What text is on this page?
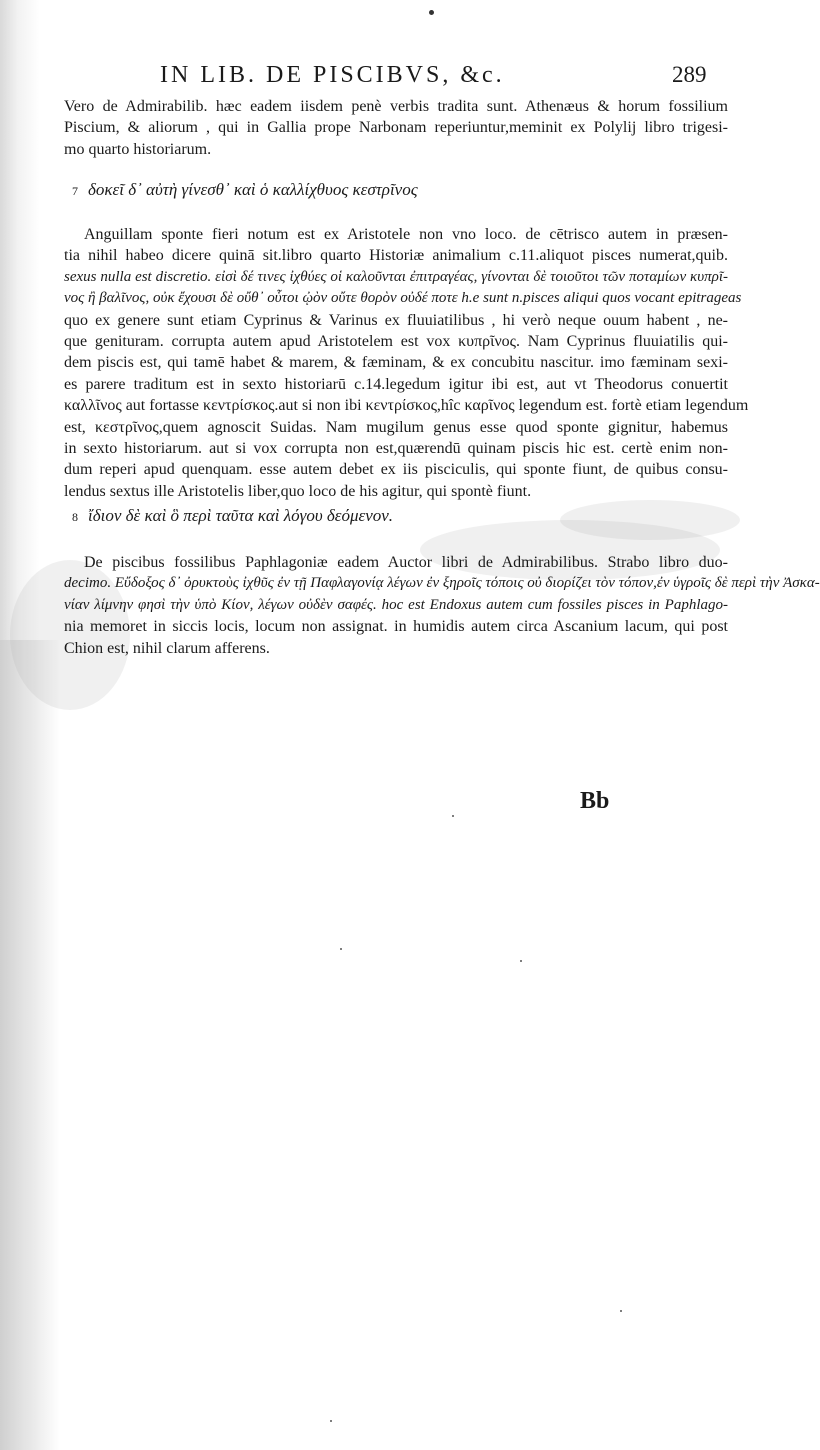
IN LIB. DE PISCIBVS, &c.	289
Vero de Admirabilib. hæc eadem iisdem penè verbis tradita sunt. Athenæus & horum fossilium
Piscium, & aliorum , qui in Gallia prope Narbonam reperiuntur,meminit ex Polylij libro trigesi-
mo quarto historiarum.
7 δοκεῖ δ᾽ αὐτὴ γίνεσθ᾽ καὶ ὁ καλλίχθυος κεστρῖνος
Anguillam sponte fieri notum est ex Aristotele non vno loco. de cētrisco autem in præsen-
tia nihil habeo dicere quinā sit.libro quarto Historiæ animalium c.11.aliquot pisces numerat,quib.
sexus nulla est discretio. εἰσὶ δέ τινες ἰχθύες οἱ καλοῦνται ἐπιτραγέας, γίνονται δὲ τοιοῦτοι τῶν ποταμίων κυπρῖ-
νος ἢ βαλῖνος, οὐκ ἔχουσι δὲ οὔθ᾽ οὗτοι ᾠὸν οὔτε θορὸν οὐδέ ποτε h.e sunt n.pisces aliqui quos vocant epitrageas
quo ex genere sunt etiam Cyprinus & Varinus ex fluuiatilibus , hi verò neque ouum habent , ne-
que genituram. corrupta autem apud Aristotelem est vox κυπρῖνος. Nam Cyprinus fluuiatilis qui-
dem piscis est, qui tamē habet & marem, & fæminam, & ex concubitu nascitur. imo fæminam sexi-
es parere traditum est in sexto historiarū c.14.legedum igitur ibi est, aut vt Theodorus conuertit
καλλῖνος aut fortasse κεντρίσκος.aut si non ibi κεντρίσκος,hîc καρῖνος legendum est. fortè etiam legendum
est, κεστρῖνος,quem agnoscit Suidas. Nam mugilum genus esse quod sponte gignitur, habemus
in sexto historiarum. aut si vox corrupta non est,quærendū quinam piscis hic est. certè enim non-
dum reperi apud quenquam. esse autem debet ex iis pisciculis, qui sponte fiunt, de quibus consu-
lendus sextus ille Aristotelis liber,quo loco de his agitur, qui spontè fiunt.
8 ἴδιον δὲ καὶ ὃ περὶ ταῦτα καὶ λόγου δεόμενον.
De piscibus fossilibus Paphlagoniæ eadem Auctor libri de Admirabilibus. Strabo libro duo-
decimo. Εὔδοξος δ᾽ ὀρυκτοὺς ἰχθῦς ἐν τῇ Παφλαγονίᾳ λέγων ἐν ξηροῖς τόποις οὐ διορίζει τὸν τόπον,ἐν ὑγροῖς δὲ περὶ τὴν Ἀσκα-
νίαν λίμνην φησὶ τὴν ὑπὸ Κίον, λέγων οὐδὲν σαφές. hoc est Endoxus autem cum fossiles pisces in Paphlago-
nia memoret in siccis locis, locum non assignat. in humidis autem circa Ascanium lacum, qui post
Chion est, nihil clarum afferens.
Bb
